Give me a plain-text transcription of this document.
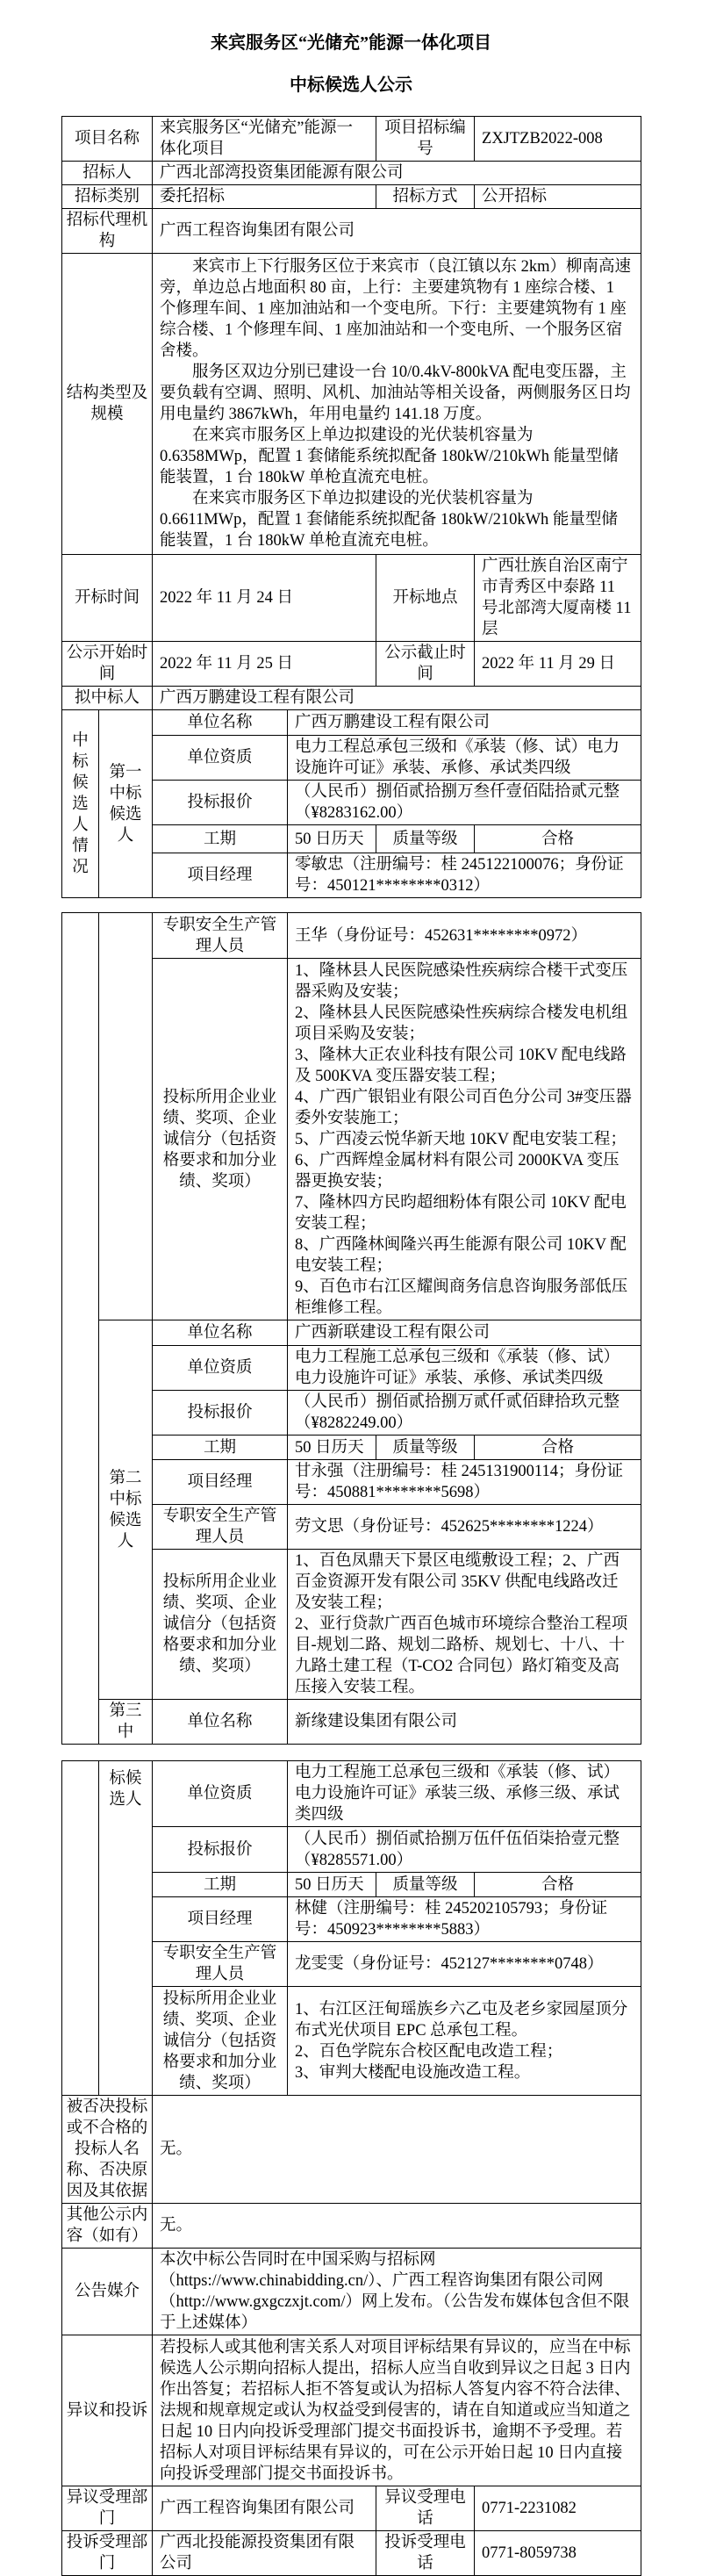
来宾服务区“光储充”能源一体化项目
中标候选人公示
项目名称		来宾服务区“光储充”能源一体化项目		项目招标编号	ZXJTZB2022-008
招标人		广西北部湾投资集团能源有限公司			
招标类别		委托招标		招标方式	公开招标
招标代理机构		广西工程咨询集团有限公司			
结构类型及规模		来宾市上下行服务区位于来宾市（良江镇以东 2km）柳南高速旁，单边总占地面积 80 亩，上行：主要建筑物有 1 座综合楼、1 个修理车间、1 座加油站和一个变电所。下行：主要建筑物有 1 座综合楼、1 个修理车间、1 座加油站和一个变电所、一个服务区宿舍楼。
服务区双边分别已建设一台 10/0.4kV-800kVA 配电变压器，主要负载有空调、照明、风机、加油站等相关设备，两侧服务区日均用电量约 3867kWh，年用电量约 141.18 万度。
在来宾市服务区上单边拟建设的光伏装机容量为 0.6358MWp，配置 1 套储能系统拟配备 180kW/210kWh 能量型储能装置，1 台 180kW 单枪直流充电桩。
在来宾市服务区下单边拟建设的光伏装机容量为 0.6611MWp，配置 1 套储能系统拟配备 180kW/210kWh 能量型储能装置，1 台 180kW 单枪直流充电桩。			

开标时间		2022 年 11 月 24 日		开标地点	广西壮族自治区南宁市青秀区中泰路 11 号北部湾大厦南楼 11 层
公示开始时间		2022 年 11 月 25 日		公示截止时间	2022 年 11 月 29 日
拟中标人		广西万鹏建设工程有限公司			
中标候选人情况	第一中标候选人	单位名称	广西万鹏建设工程有限公司		
		单位资质	电力工程总承包三级和《承装（修、试）电力设施许可证》承装、承修、承试类四级		
		投标报价	（人民币）捌佰贰拾捌万叁仟壹佰陆拾贰元整（¥8283162.00）		
		工期	50 日历天	质量等级	合格
		项目经理	零敏忠（注册编号：桂 245122100076；身份证号：450121********0312）		
		专职安全生产管理人员	王华（身份证号：452631********0972）		
投标所用企业业绩、奖项、企业诚信分（包括资格要求和加分业绩、奖项）	
1、隆林县人民医院感染性疾病综合楼干式变压器采购及安装；
2、隆林县人民医院感染性疾病综合楼发电机组项目采购及安装；
3、隆林大正农业科技有限公司 10KV 配电线路及 500KVA 变压器安装工程；
4、广西广银铝业有限公司百色分公司 3#变压器委外安装施工；
5、广西凌云悦华新天地 10KV 配电安装工程；
6、广西辉煌金属材料有限公司 2000KVA 变压器更换安装；
7、隆林四方民昀超细粉体有限公司 10KV 配电安装工程；
8、广西隆林闽隆兴再生能源有限公司 10KV 配电安装工程；
9、百色市右江区耀闽商务信息咨询服务部低压柜维修工程。

	第二中标候选人	单位名称	广西新联建设工程有限公司		
		单位资质	电力工程施工总承包三级和《承装（修、试）电力设施许可证》承装、承修、承试类四级		
		投标报价	（人民币）捌佰贰拾捌万贰仟贰佰肆拾玖元整（¥8282249.00）		
		工期	50 日历天	质量等级	合格
		项目经理	甘永强（注册编号：桂 245131900114；身份证号：450881********5698）		
		专职安全生产管理人员	劳文思（身份证号：452625********1224）		
		投标所用企业业绩、奖项、企业诚信分（包括资格要求和加分业绩、奖项）	1、百色凤鼎天下景区电缆敷设工程；2、广西百金资源开发有限公司 35KV 供配电线路改迁及安装工程；
2、亚行贷款广西百色城市环境综合整治工程项目-规划二路、规划二路桥、规划七、十八、十九路土建工程（T-CO2 合同包）路灯箱变及高压接入安装工程。		

	第三中	单位名称	新缘建设集团有限公司		
	标候选人	单位资质	电力工程施工总承包三级和《承装（修、试）电力设施许可证》承装三级、承修三级、承试类四级		
		投标报价	（人民币）捌佰贰拾捌万伍仟伍佰柒拾壹元整（¥8285571.00）		
		工期	50 日历天	质量等级	合格
		项目经理	林健（注册编号：桂 245202105793；身份证号：450923********5883）		
		专职安全生产管理人员	龙雯雯（身份证号：452127********0748）		
		投标所用企业业绩、奖项、企业诚信分（包括资格要求和加分业绩、奖项）	1、右江区汪甸瑶族乡六乙屯及老乡家园屋顶分布式光伏项目 EPC 总承包工程。
2、百色学院东合校区配电改造工程；
3、审判大楼配电设施改造工程。		

被否决投标或不合格的投标人名称、否决原因及其依据		无。			
其他公示内容（如有）		无。			
公告媒介		本次中标公告同时在中国采购与招标网（https://www.chinabidding.cn/）、广西工程咨询集团有限公司网（http://www.gxgczxjt.com/）网上发布。（公告发布媒体包含但不限于上述媒体）			
异议和投诉		若投标人或其他利害关系人对项目评标结果有异议的，应当在中标候选人公示期向招标人提出，招标人应当自收到异议之日起 3 日内作出答复；若招标人拒不答复或认为招标人答复内容不符合法律、法规和规章规定或认为权益受到侵害的，请在自知道或应当知道之日起 10 日内向投诉受理部门提交书面投诉书，逾期不予受理。若招标人对项目评标结果有异议的，可在公示开始日起 10 日内直接向投诉受理部门提交书面投诉书。			
异议受理部门		广西工程咨询集团有限公司		异议受理电话	0771-2231082
投诉受理部门		广西北投能源投资集团有限公司		投诉受理电话	0771-8059738
